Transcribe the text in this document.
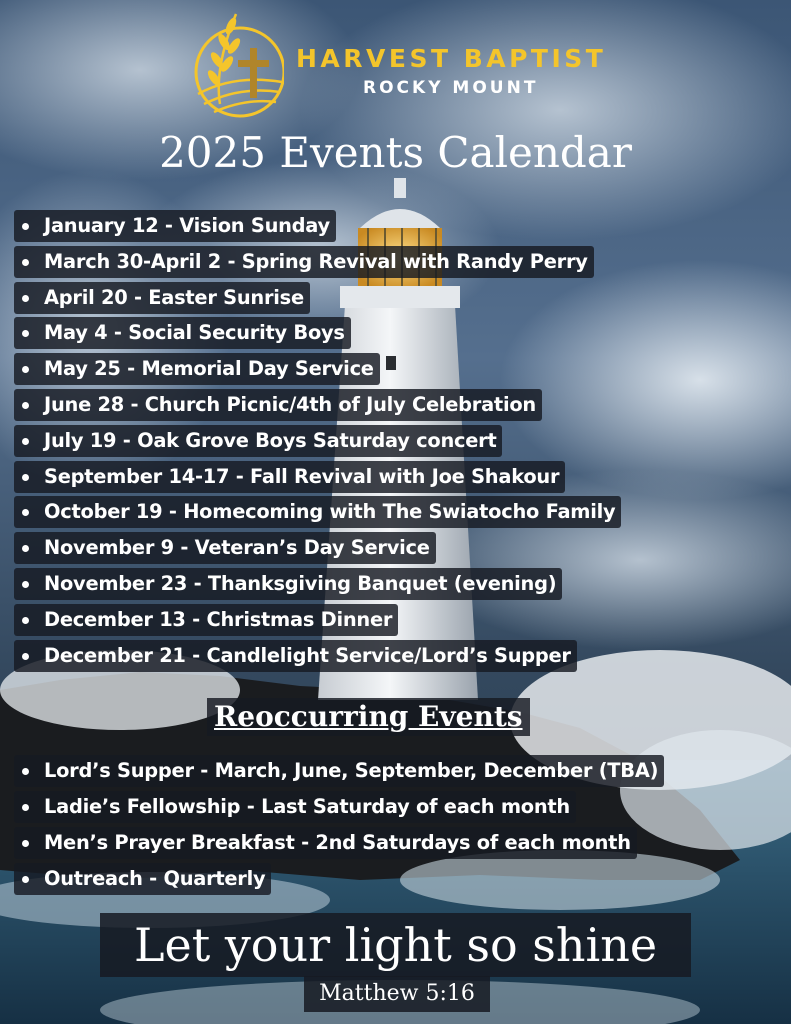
HARVEST BAPTIST
ROCKY MOUNT
2025 Events Calendar
January 12 - Vision Sunday
March 30-April 2 - Spring Revival with Randy Perry
April 20 - Easter Sunrise
May 4 - Social Security Boys
May 25 - Memorial Day Service
June 28 - Church Picnic/4th of July Celebration
July 19 - Oak Grove Boys Saturday concert
September 14-17 - Fall Revival with Joe Shakour
October 19 - Homecoming with The Swiatocho Family
November 9 - Veteran’s Day Service
November 23 - Thanksgiving Banquet (evening)
December 13 - Christmas Dinner
December 21 - Candlelight Service/Lord’s Supper
Reoccurring Events
Lord’s Supper - March, June, September, December (TBA)
Ladie’s Fellowship - Last Saturday of each month
Men’s Prayer Breakfast - 2nd Saturdays of each month
Outreach - Quarterly
Let your light so shine
Matthew 5:16
